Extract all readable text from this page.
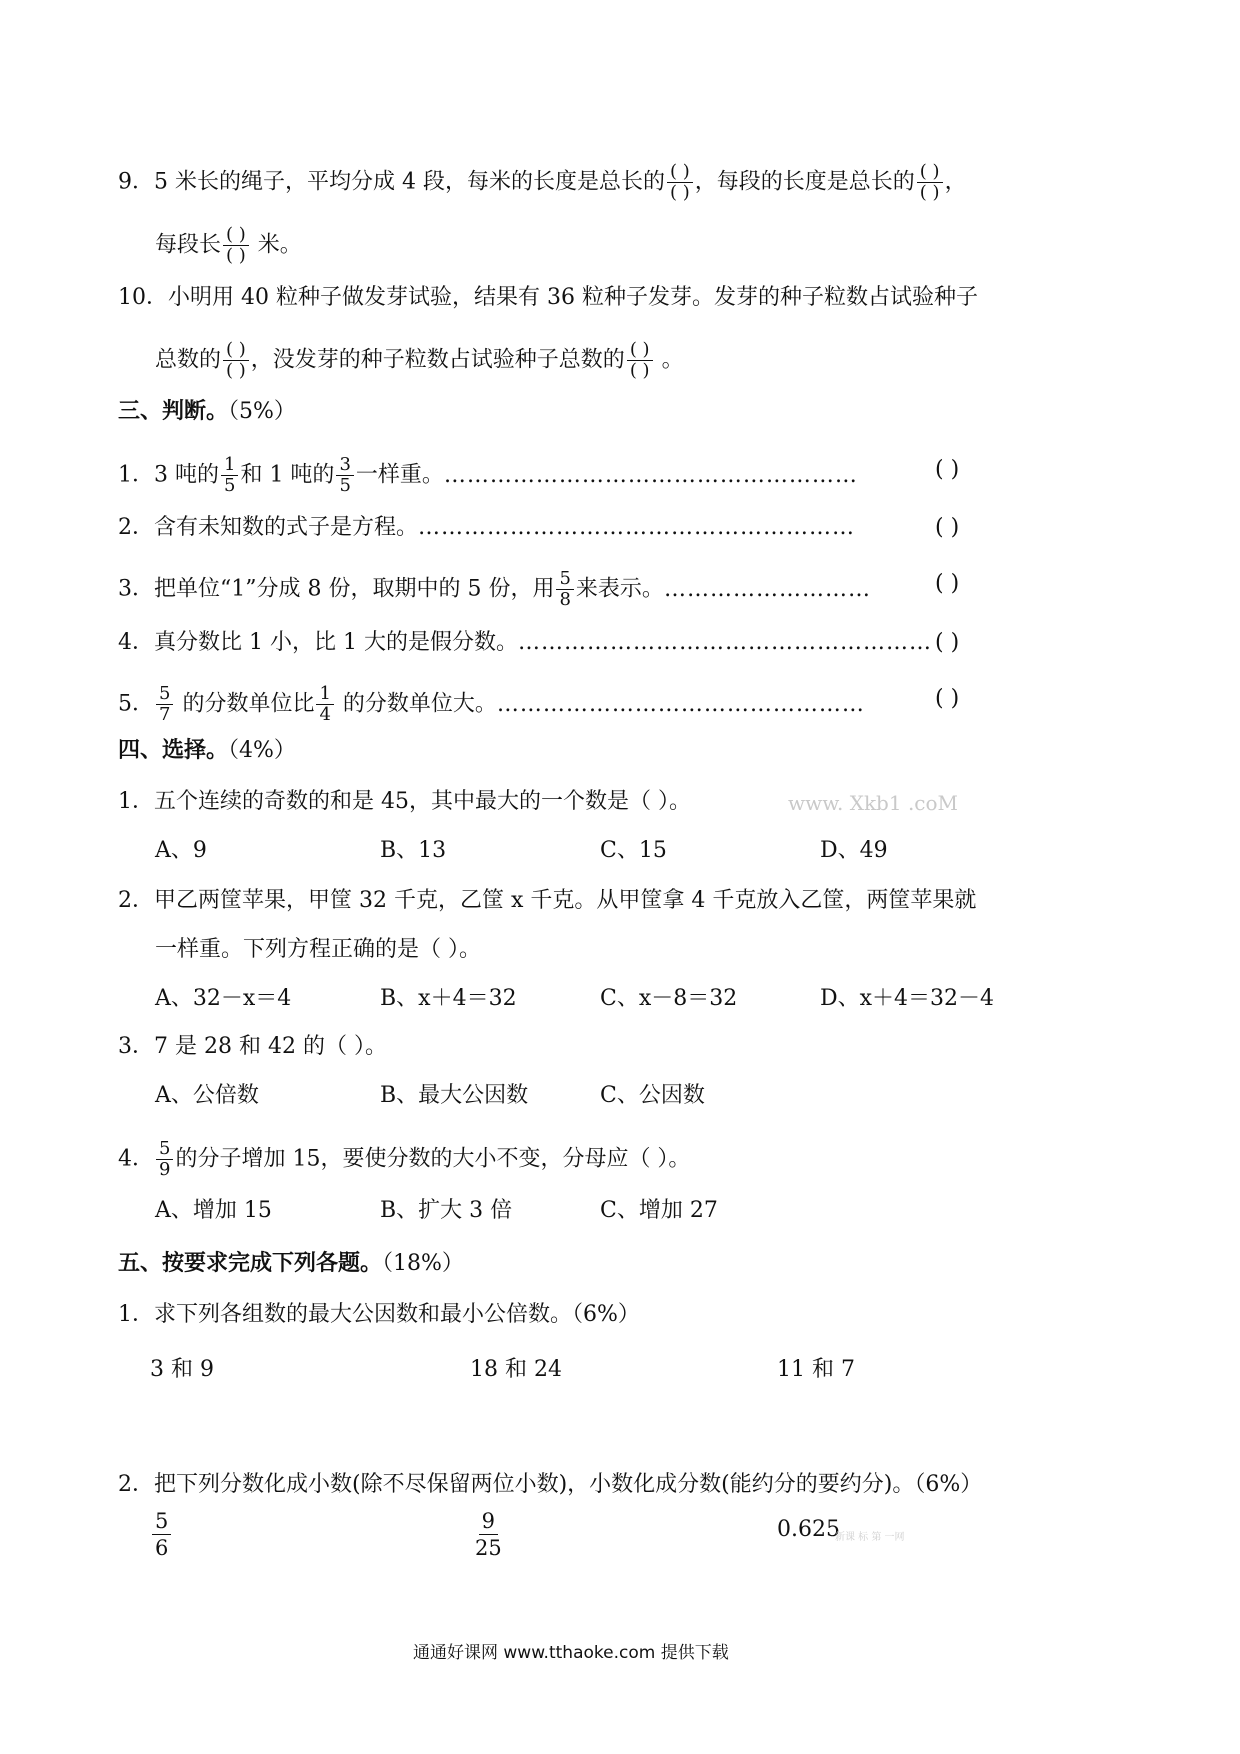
9．5 米长的绳子，平均分成 4 段，每米的长度是总长的 $\frac{( )}{( )}$ ，每段的长度是总长的 $\frac{( )}{( )}$ ，
每段长 $\frac{( )}{( )}$ 米。
10．小明用 40 粒种子做发芽试验，结果有 36 粒种子发芽。发芽的种子粒数占试验种子
总数的 $\frac{( )}{( )}$ ，没发芽的种子粒数占试验种子总数的 $\frac{( )}{( )}$ 。
三、判断。（5%）
1．3 吨的 $\frac{1}{5}$ 和 1 吨的 $\frac{3}{5}$ 一样重。………………………………………………	( )
2．含有未知数的式子是方程。…………………………………………………	( )
3．把单位“1”分成 8 份，取期中的 5 份，用 $\frac{5}{8}$ 来表示。………………………	( )
4．真分数比 1 小，比 1 大的是假分数。……………………………………………… ( )
5． $\frac{5}{7}$ 的分数单位比 $\frac{1}{4}$ 的分数单位大。…………………………………………	( )
四、选择。（4%）
1．五个连续的奇数的和是 45，其中最大的一个数是（ ）。	www. Xkb1 .coM
A、9	B、13	C、15	D、49
2．甲乙两筐苹果，甲筐 32 千克，乙筐 x 千克。从甲筐拿 4 千克放入乙筐，两筐苹果就
一样重。下列方程正确的是（ ）。
A、32－x＝4	B、x＋4＝32	C、x－8＝32	D、x＋4＝32－4
3．7 是 28 和 42 的（ ）。
A、公倍数	B、最大公因数	C、公因数
4． $\frac{5}{9}$ 的分子增加 15，要使分数的大小不变，分母应（ ）。
A、增加 15	B、扩大 3 倍	C、增加 27
五、按要求完成下列各题。（18%）
1．求下列各组数的最大公因数和最小公倍数。（6%）
3 和 9	18 和 24	11 和 7
2．把下列分数化成小数(除不尽保留两位小数)，小数化成分数(能约分的要约分)。（6%）
$\frac{5}{6}$	$\frac{9}{25}$	0.625
新课 标 第 一网
通通好课网 www.tthaoke.com 提供下载
